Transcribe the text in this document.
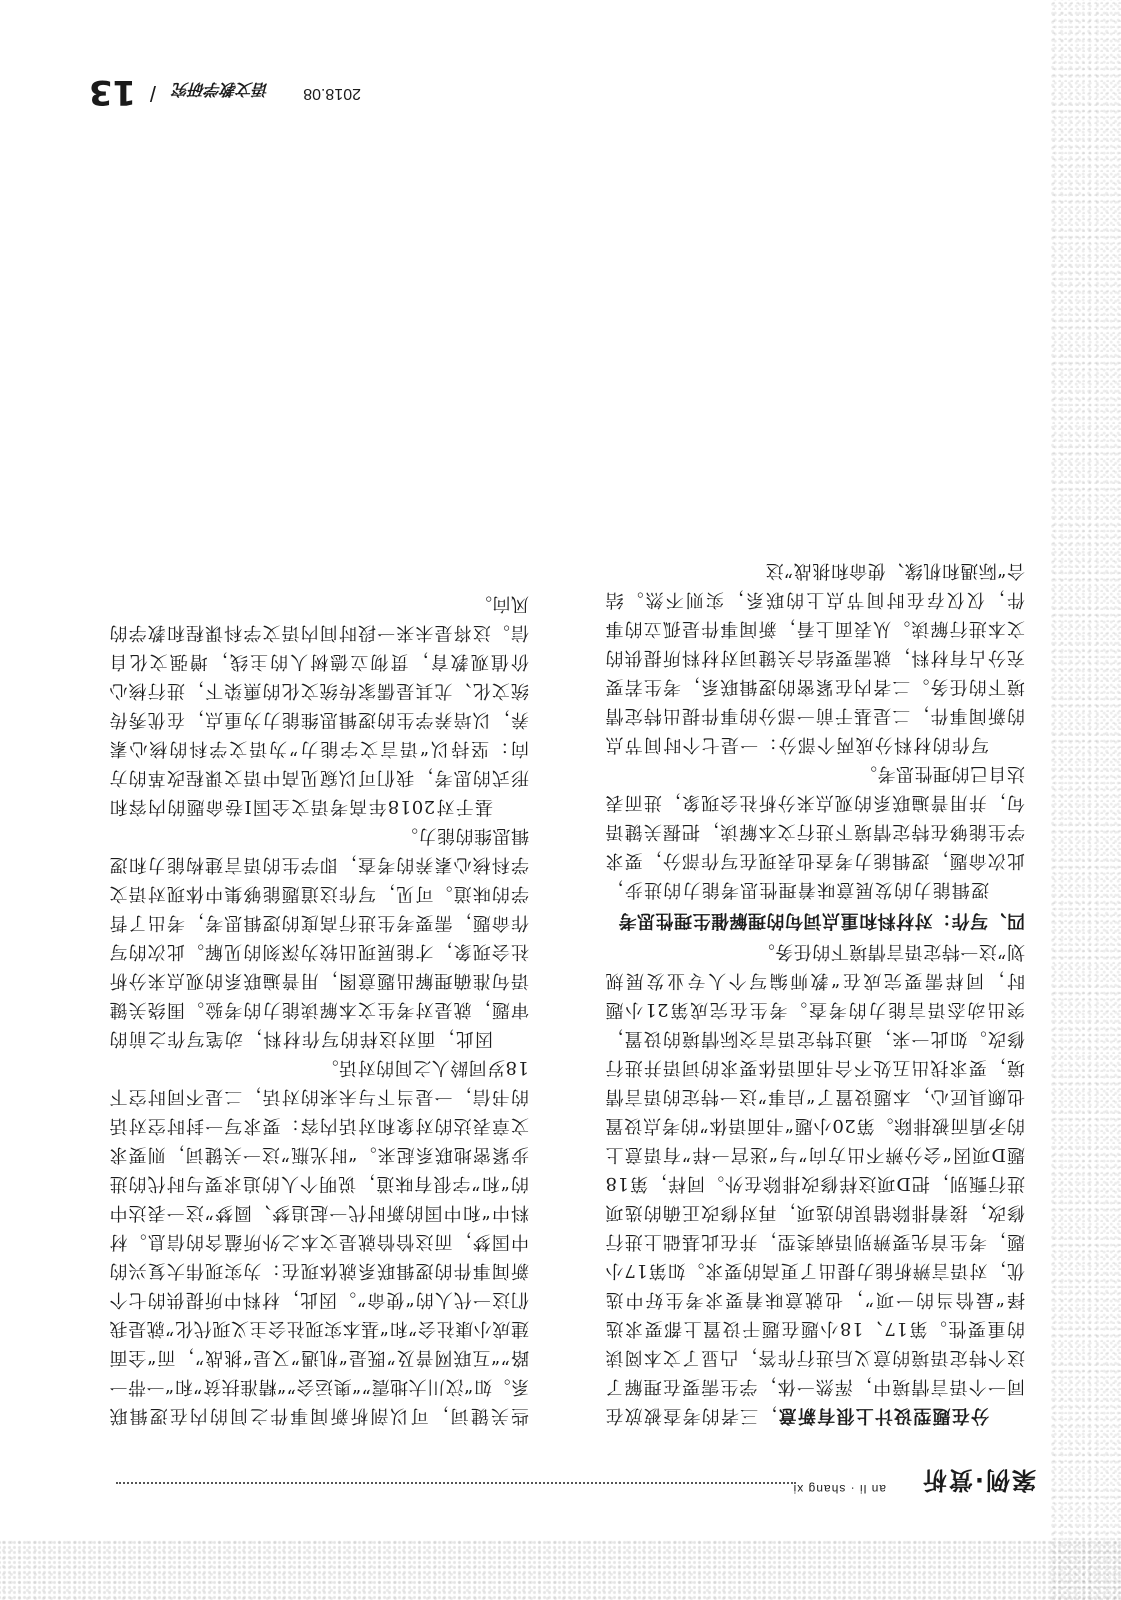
案例·赏析
an li · shang xi

分在题型设计上很有新意，三者的考查被放在同一个语言情境中，浑然一体，学生需要在理解了这个特定语境的意义后进行作答，凸显了文本阅读的重要性。第17、18小题在题干设置上都要求选择“最恰当的一项”，也就意味着要求考生好中选优，对语言辨析能力提出了更高的要求。如第17小题，考生首先要辨别语病类型，并在此基础上进行修改，接着排除错误的选项，再对修改正确的选项进行甄别，把D项这样修改排除在外。同样，第18题D项因“会分辨不出方向”与“迷宫一样”有语意上的矛盾而被排除。第20小题“书面语体”的考点设置也颇具匠心，本题设置了“启事”这一特定的语言情境，要求找出五处不合书面语体要求的词语并进行修改。如此一来，通过特定语言交际情境的设置，突出动态语言能力的考查。考生在完成第21小题时，同样需要完成在“教师编写个人专业发展规划”这一特定语言情境下的任务。

四、写作：对材料和重点词句的理解催生理性思考

逻辑能力的发展意味着理性思考能力的进步，此次命题，逻辑能力考查也表现在写作部分，要求学生能够在特定情境下进行文本解读，把握关键语句，并用普遍联系的观点来分析社会现象，进而表达自己的理性思考。

写作的材料分成两个部分：一是七个时间节点的新闻事件，二是基于前一部分的事件提出特定情境下的任务。二者内在紧密的逻辑联系，考生若要充分占有材料，就需要结合关键词对材料所提供的文本进行解读。从表面上看，新闻事件是孤立的事件，仅仅存在时间节点上的联系，实则不然。结合“际遇和机缘、使命和挑战”这

些关键词，可以剖析新闻事件之间的内在逻辑联系。如“汶川大地震”“奥运会”“精准扶贫”和“一带一路”“互联网普及”既是“机遇”又是“挑战”，而“全面建成小康社会”和“基本实现社会主义现代化”就是我们这一代人的“使命”。因此，材料中所提供的七个新闻事件的逻辑联系就体现在：为实现伟大复兴的中国梦，而这恰恰就是文本之外所蕴含的信息。材料中“和中国的新时代一起追梦、圆梦”这一表达中的“和”字很有味道，说明个人的追求要与时代的进步紧密地联系起来。“时光瓶”这一关键词，则要求文章表达的对象和对话内容：要求写一封时空对话的书信，一是当下与未来的对话，二是不同时空下18岁同龄人之间的对话。

因此，面对这样的写作材料，动笔写作之前的审题，就是对考生文本解读能力的考验。围绕关键语句准确理解出题意图，用普遍联系的观点来分析社会现象，才能展现出较为深刻的见解。此次的写作命题，需要考生进行高度的逻辑思考，考出了哲学的味道。可见，写作这道题能够集中体现对语文学科核心素养的考查，即学生的语言建构能力和逻辑思维的能力。

基于对2018年高考语文全国I卷命题的内容和形式的思考，我们可以窥见高中语文课程改革的方向：坚持以“语言文字能力”为语文学科的核心素养，以培养学生的逻辑思维能力为重点，在优秀传统文化、尤其是儒家传统文化的熏染下，进行核心价值观教育，贯彻立德树人的主线，增强文化自信。这将是未来一段时间内语文学科课程和教学的风向。

2018.08
语文教学研究
/
13
